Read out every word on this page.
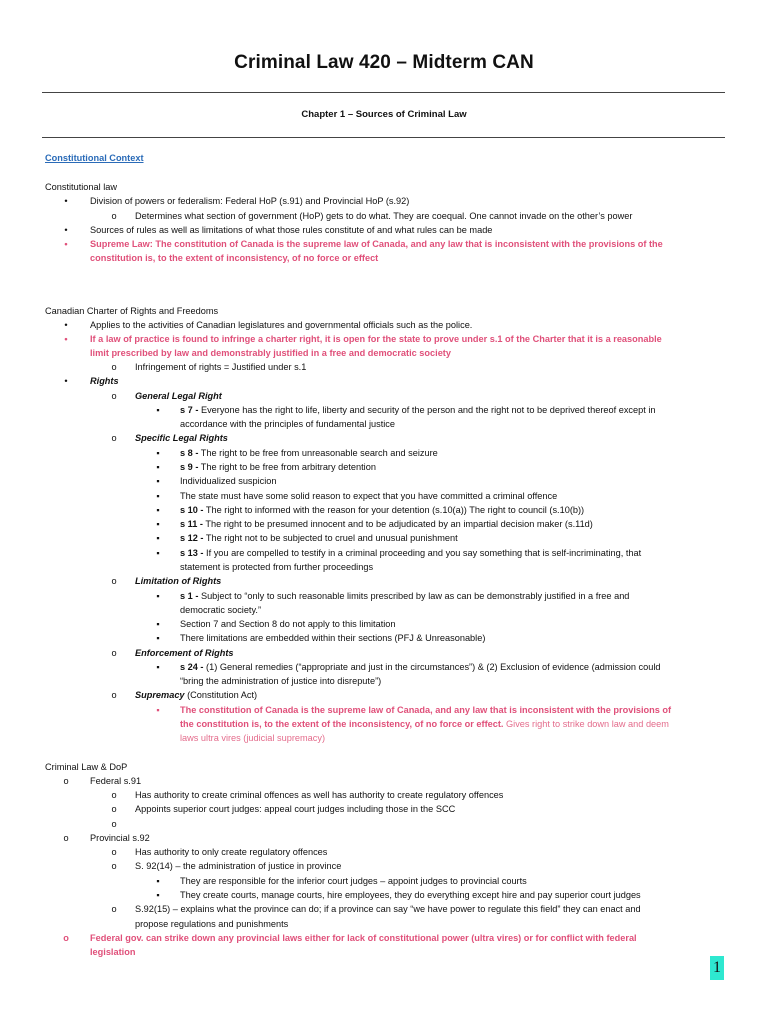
Criminal Law 420 – Midterm CAN
Chapter 1 – Sources of Criminal Law
Constitutional Context
Constitutional law
•	Division of powers or federalism: Federal HoP (s.91) and Provincial HoP (s.92)
o	Determines what section of government (HoP) gets to do what. They are coequal. One cannot invade on the other’s power
•	Sources of rules as well as limitations of what those rules constitute of and what rules can be made
•	Supreme Law: The constitution of Canada is the supreme law of Canada, and any law that is inconsistent with the provisions of the
constitution is, to the extent of inconsistency, of no force or effect
Canadian Charter of Rights and Freedoms
•	Applies to the activities of Canadian legislatures and governmental officials such as the police.
•	If a law of practice is found to infringe a charter right, it is open for the state to prove under s.1 of the Charter that it is a reasonable
limit prescribed by law and demonstrably justified in a free and democratic society
o	Infringement of rights = Justified under s.1
•	Rights
o	General Legal Right
▪	s 7 - Everyone has the right to life, liberty and security of the person and the right not to be deprived thereof except in
accordance with the principles of fundamental justice
o	Specific Legal Rights
▪	s 8 - The right to be free from unreasonable search and seizure
▪	s 9 - The right to be free from arbitrary detention
▪	Individualized suspicion
▪	The state must have some solid reason to expect that you have committed a criminal offence
▪	s 10 - The right to informed with the reason for your detention (s.10(a)) The right to council (s.10(b))
▪	s 11 - The right to be presumed innocent and to be adjudicated by an impartial decision maker (s.11d)
▪	s 12 - The right not to be subjected to cruel and unusual punishment
▪	s 13 - If you are compelled to testify in a criminal proceeding and you say something that is self-incriminating, that
statement is protected from further proceedings
o	Limitation of Rights
▪	s 1 - Subject to “only to such reasonable limits prescribed by law as can be demonstrably justified in a free and
democratic society.”
▪	Section 7 and Section 8 do not apply to this limitation
▪	There limitations are embedded within their sections (PFJ & Unreasonable)
o	Enforcement of Rights
▪	s 24 - (1) General remedies (“appropriate and just in the circumstances”) & (2) Exclusion of evidence (admission could
“bring the administration of justice into disrepute”)
o	Supremacy (Constitution Act)
▪	The constitution of Canada is the supreme law of Canada, and any law that is inconsistent with the provisions of
the constitution is, to the extent of the inconsistency, of no force or effect. Gives right to strike down law and deem
laws ultra vires (judicial supremacy)
Criminal Law & DoP
o	Federal s.91
o	Has authority to create criminal offences as well has authority to create regulatory offences
o	Appoints superior court judges: appeal court judges including those in the SCC
o
o	Provincial s.92
o	Has authority to only create regulatory offences
o	S. 92(14) – the administration of justice in province
▪	They are responsible for the inferior court judges – appoint judges to provincial courts
▪	They create courts, manage courts, hire employees, they do everything except hire and pay superior court judges
o	S.92(15) – explains what the province can do; if a province can say “we have power to regulate this field” they can enact and
propose regulations and punishments
o	Federal gov. can strike down any provincial laws either for lack of constitutional power (ultra vires) or for conflict with federal
legislation
1
